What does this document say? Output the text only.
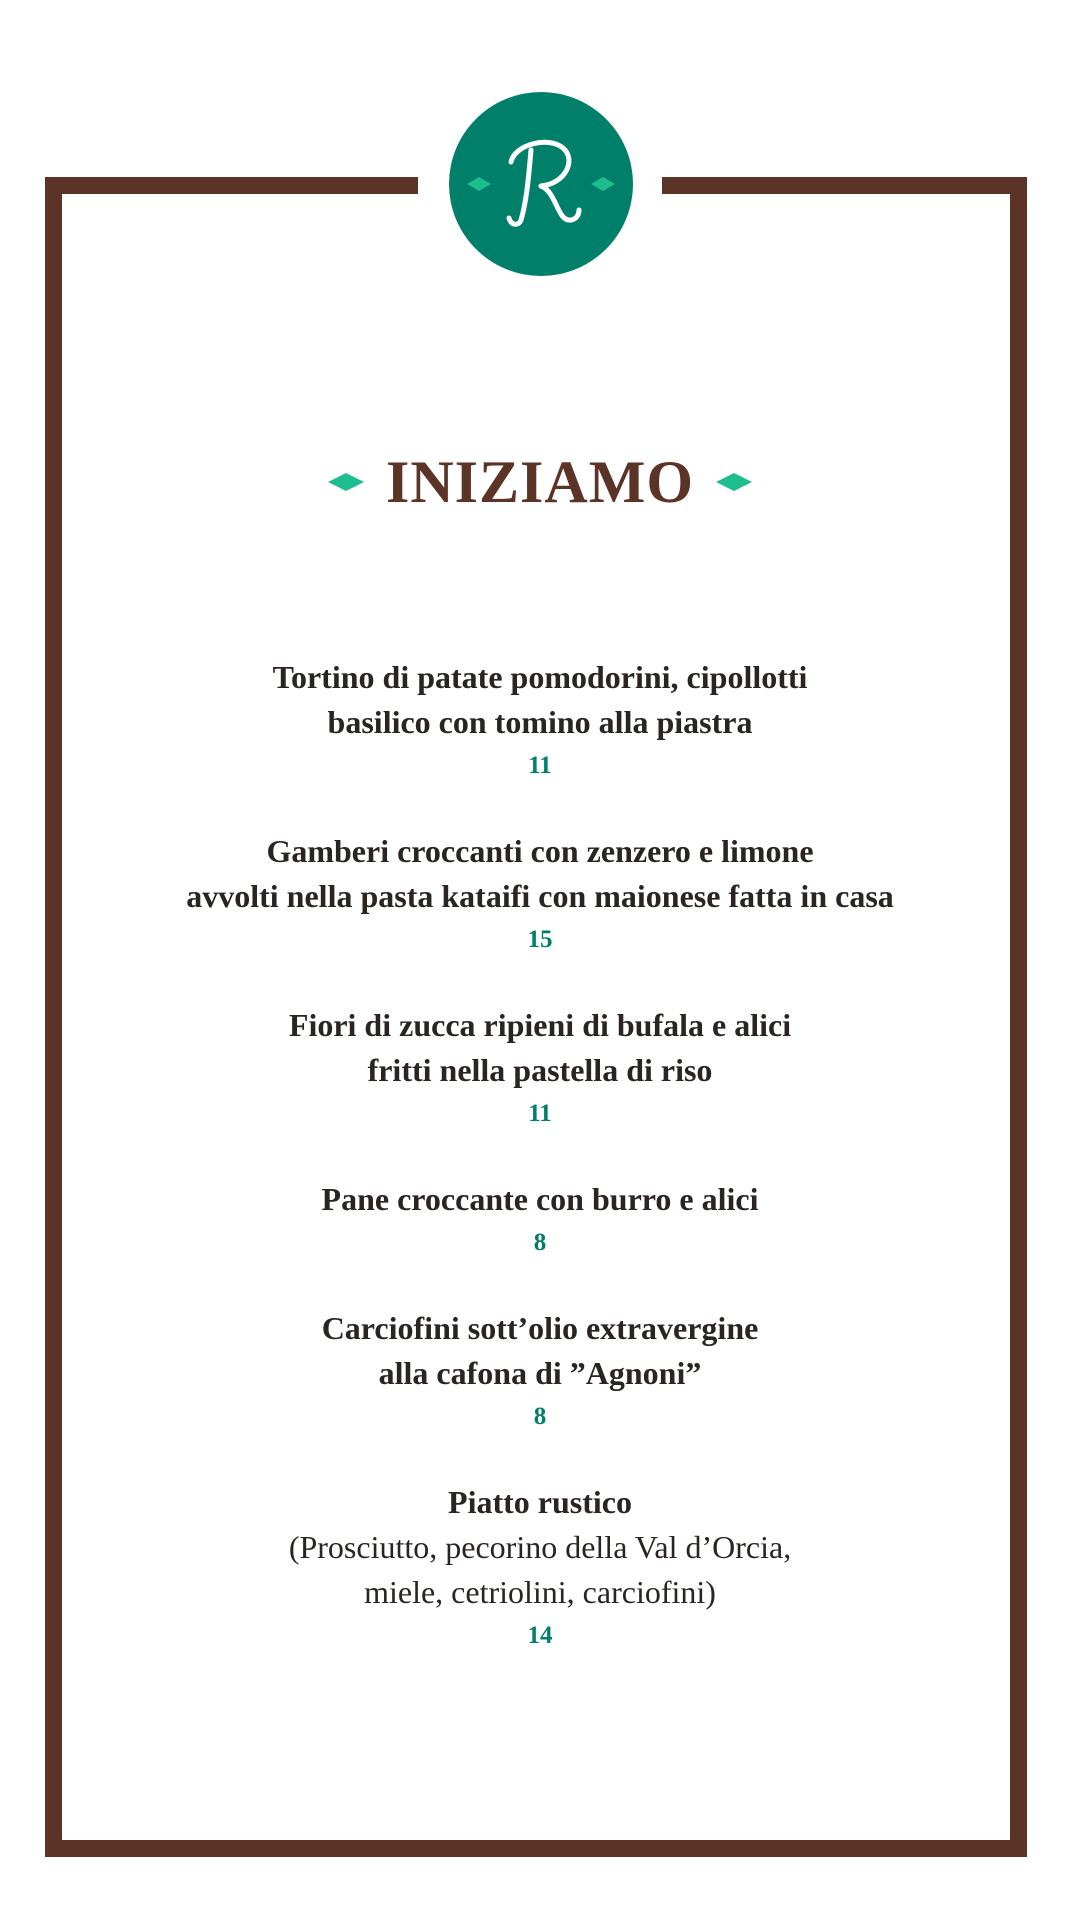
INIZIAMO

Tortino di patate pomodorini, cipollotti

basilico con tomino alla piastra

11

Gamberi croccanti con zenzero e limone

avvolti nella pasta kataifi con maionese fatta in casa

15

Fiori di zucca ripieni di bufala e alici

fritti nella pastella di riso

11

Pane croccante con burro e alici

8

Carciofini sott’olio extravergine

alla cafona di ”Agnoni”

8

Piatto rustico

(Prosciutto, pecorino della Val d’Orcia,

miele, cetriolini, carciofini)

14
